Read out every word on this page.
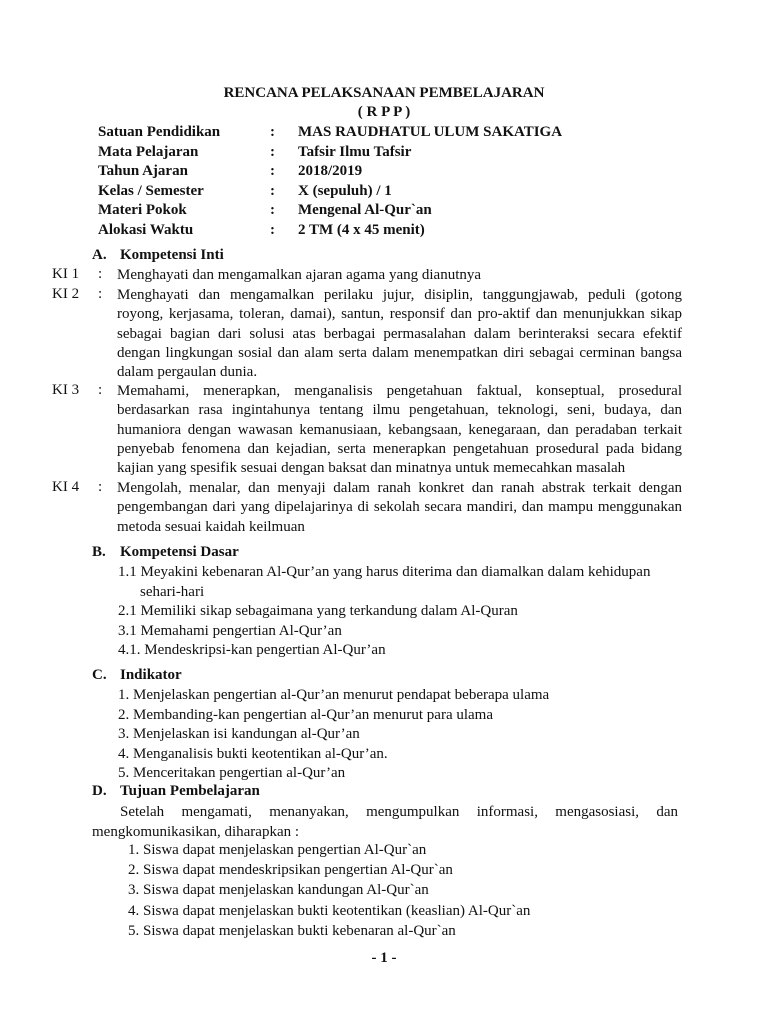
RENCANA PELAKSANAAN PEMBELAJARAN
( R P P )
Satuan Pendidikan	: MAS RAUDHATUL ULUM SAKATIGA
Mata Pelajaran	: Tafsir Ilmu Tafsir
Tahun Ajaran	: 2018/2019
Kelas / Semester	: X (sepuluh) / 1
Materi Pokok	: Mengenal Al-Qur`an
Alokasi Waktu	: 2 TM (4 x 45 menit)
A. Kompetensi Inti
KI 1 : Menghayati dan mengamalkan ajaran agama yang dianutnya
KI 2 : Menghayati dan mengamalkan perilaku jujur, disiplin, tanggungjawab, peduli (gotong royong, kerjasama, toleran, damai), santun, responsif dan pro-aktif dan menunjukkan sikap sebagai bagian dari solusi atas berbagai permasalahan dalam berinteraksi secara efektif dengan lingkungan sosial dan alam serta dalam menempatkan diri sebagai cerminan bangsa dalam pergaulan dunia.
KI 3 : Memahami, menerapkan, menganalisis pengetahuan faktual, konseptual, prosedural berdasarkan rasa ingintahunya tentang ilmu pengetahuan, teknologi, seni, budaya, dan humaniora dengan wawasan kemanusiaan, kebangsaan, kenegaraan, dan peradaban terkait penyebab fenomena dan kejadian, serta menerapkan pengetahuan prosedural pada bidang kajian yang spesifik sesuai dengan baksat dan minatnya untuk memecahkan masalah
KI 4 : Mengolah, menalar, dan menyaji dalam ranah konkret dan ranah abstrak terkait dengan pengembangan dari yang dipelajarinya di sekolah secara mandiri, dan mampu menggunakan metoda sesuai kaidah keilmuan
B. Kompetensi Dasar
1.1 Meyakini kebenaran Al-Qur’an yang harus diterima dan diamalkan dalam kehidupan
sehari-hari
2.1 Memiliki sikap sebagaimana yang terkandung dalam Al-Quran
3.1 Memahami pengertian Al-Qur’an
4.1. Mendeskripsi-kan pengertian Al-Qur’an
C. Indikator
1. Menjelaskan pengertian al-Qur’an menurut pendapat beberapa ulama
2. Membanding-kan pengertian al-Qur’an menurut para ulama
3. Menjelaskan isi kandungan al-Qur’an
4. Menganalisis bukti keotentikan al-Qur’an.
5. Menceritakan pengertian al-Qur’an
D. Tujuan Pembelajaran
Setelah mengamati, menanyakan, mengumpulkan informasi, mengasosiasi, dan mengkomunikasikan, diharapkan :
1. Siswa dapat menjelaskan pengertian Al-Qur`an
2. Siswa dapat mendeskripsikan pengertian Al-Qur`an
3. Siswa dapat menjelaskan kandungan Al-Qur`an
4. Siswa dapat menjelaskan bukti keotentikan (keaslian) Al-Qur`an
5. Siswa dapat menjelaskan bukti kebenaran al-Qur`an
- 1 -
